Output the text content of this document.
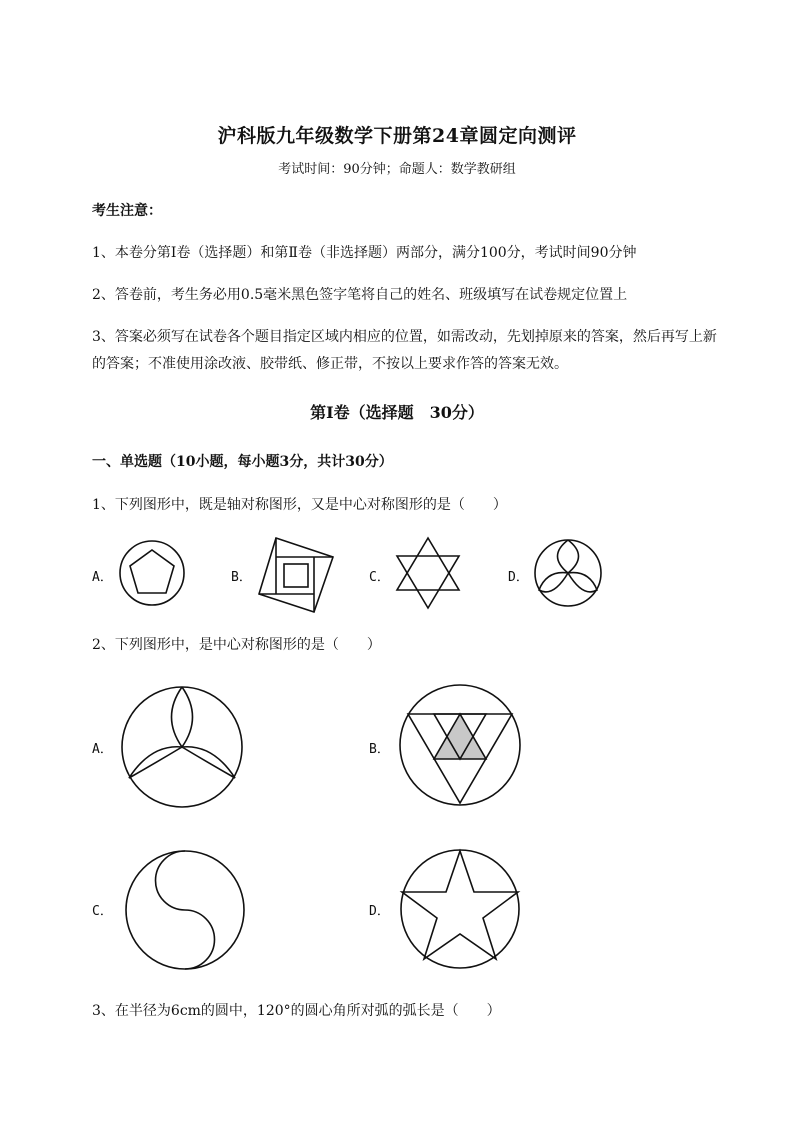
沪科版九年级数学下册第24章圆定向测评
考试时间：90分钟；命题人：数学教研组
考生注意：
1、本卷分第I卷（选择题）和第Ⅱ卷（非选择题）两部分，满分100分，考试时间90分钟
2、答卷前，考生务必用0.5毫米黑色签字笔将自己的姓名、班级填写在试卷规定位置上
3、答案必须写在试卷各个题目指定区域内相应的位置，如需改动，先划掉原来的答案，然后再写上新
的答案；不准使用涂改液、胶带纸、修正带，不按以上要求作答的答案无效。
第I卷（选择题　30分）
一、单选题（10小题，每小题3分，共计30分）
1、下列图形中，既是轴对称图形，又是中心对称图形的是（　　）
A．	B．	C．	D．
2、下列图形中，是中心对称图形的是（　　）
A．	B．
C．	D．
3、在半径为6cm的圆中，120°的圆心角所对弧的弧长是（　　）
